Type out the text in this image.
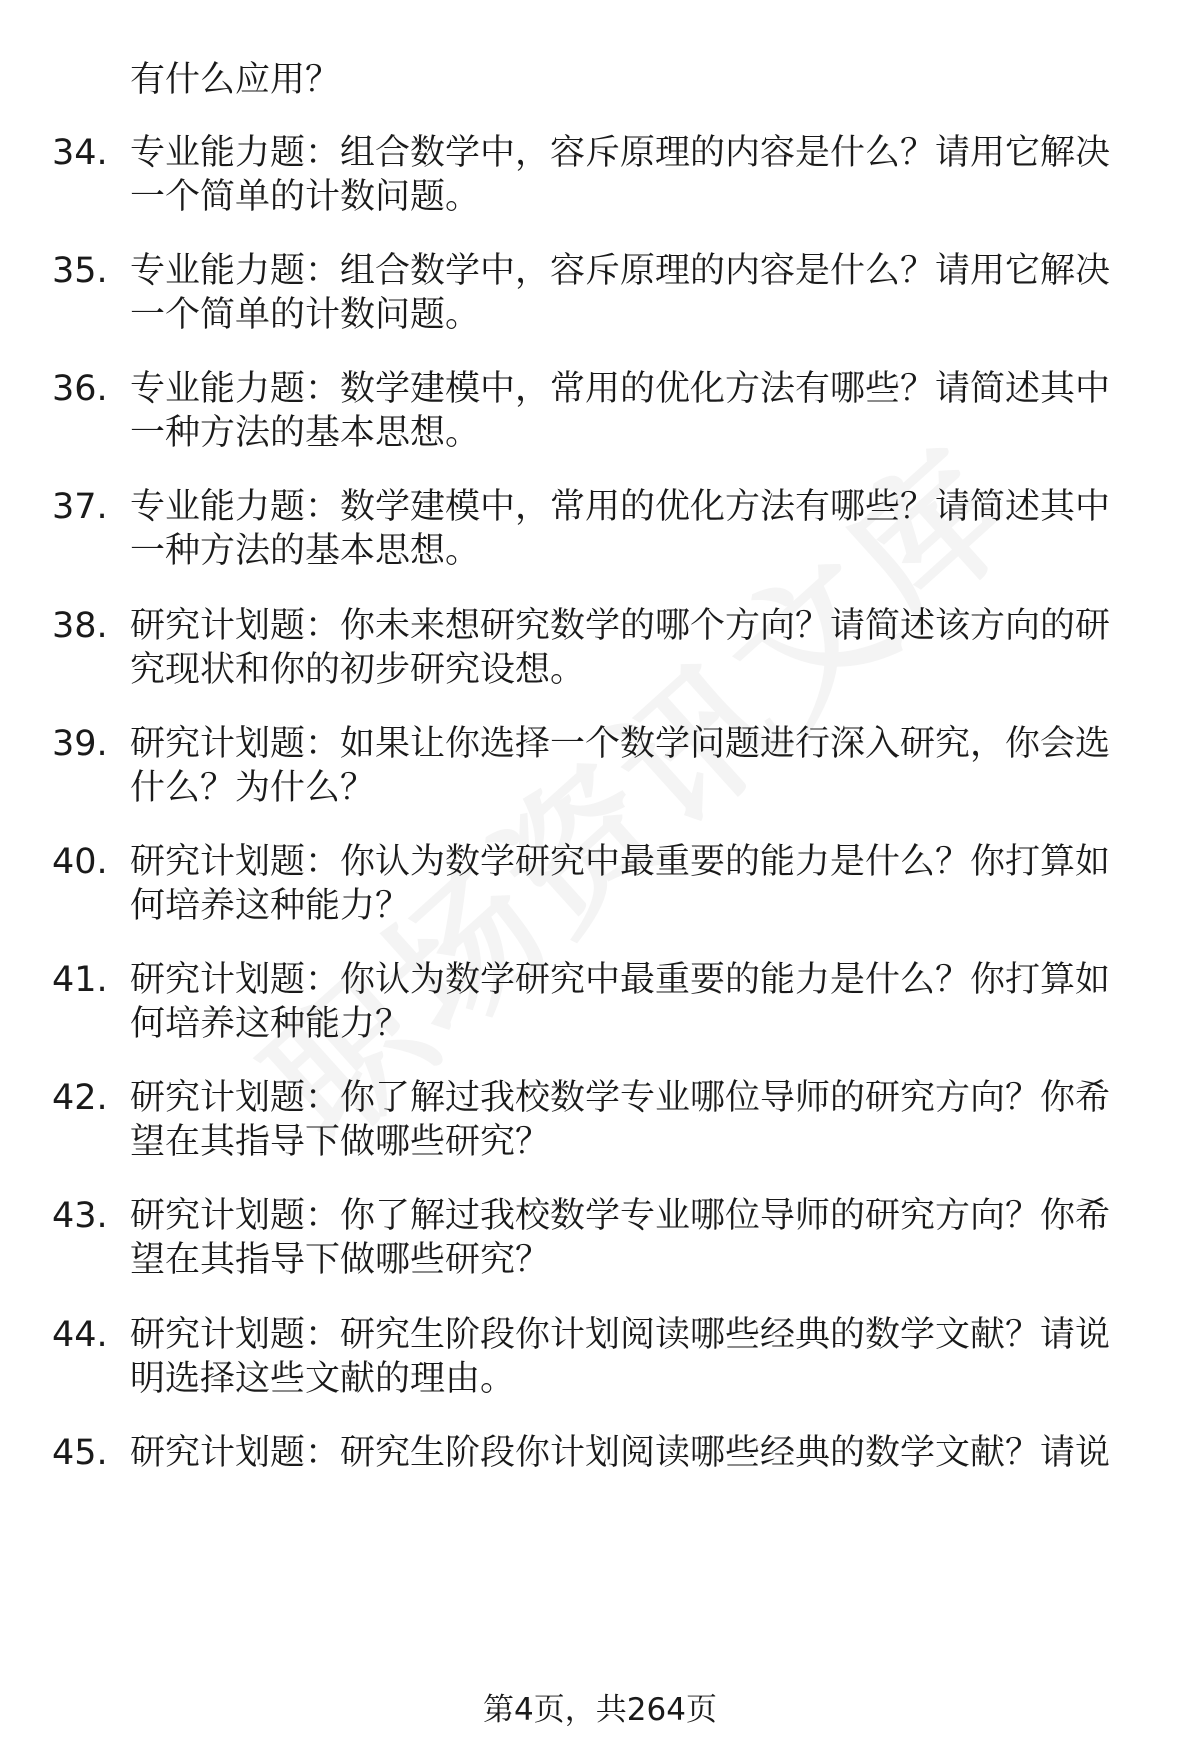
有什么应用？
34. 专业能力题：组合数学中，容斥原理的内容是什么？请用它解决
一个简单的计数问题。
35. 专业能力题：组合数学中，容斥原理的内容是什么？请用它解决
一个简单的计数问题。
36. 专业能力题：数学建模中，常用的优化方法有哪些？请简述其中
一种方法的基本思想。
37. 专业能力题：数学建模中，常用的优化方法有哪些？请简述其中
一种方法的基本思想。
38. 研究计划题：你未来想研究数学的哪个方向？请简述该方向的研
究现状和你的初步研究设想。
39. 研究计划题：如果让你选择一个数学问题进行深入研究，你会选
什么？为什么？
40. 研究计划题：你认为数学研究中最重要的能力是什么？你打算如
何培养这种能力？
41. 研究计划题：你认为数学研究中最重要的能力是什么？你打算如
何培养这种能力？
42. 研究计划题：你了解过我校数学专业哪位导师的研究方向？你希
望在其指导下做哪些研究？
43. 研究计划题：你了解过我校数学专业哪位导师的研究方向？你希
望在其指导下做哪些研究？
44. 研究计划题：研究生阶段你计划阅读哪些经典的数学文献？请说
明选择这些文献的理由。
45. 研究计划题：研究生阶段你计划阅读哪些经典的数学文献？请说
第4页，共264页
